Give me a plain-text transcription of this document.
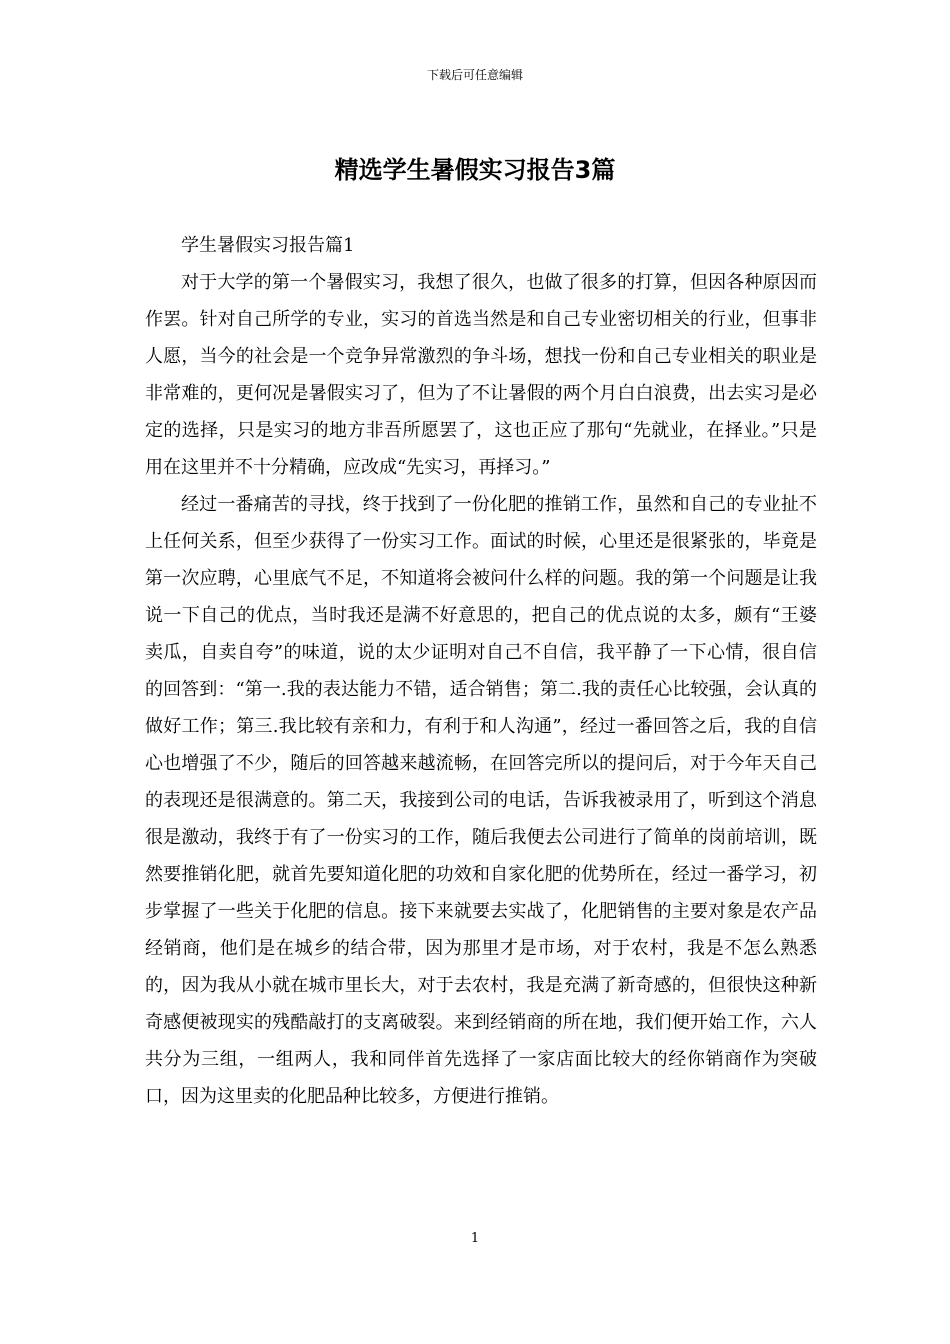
下载后可任意编辑
精选学生暑假实习报告3篇

学生暑假实习报告篇1

对于大学的第一个暑假实习，我想了很久，也做了很多的打算，但因各种原因而作罢。针对自己所学的专业，实习的首选当然是和自己专业密切相关的行业，但事非人愿，当今的社会是一个竞争异常激烈的争斗场，想找一份和自己专业相关的职业是非常难的，更何况是暑假实习了，但为了不让暑假的两个月白白浪费，出去实习是必定的选择，只是实习的地方非吾所愿罢了，这也正应了那句“先就业，在择业。”只是用在这里并不十分精确，应改成“先实习，再择习。”

经过一番痛苦的寻找，终于找到了一份化肥的推销工作，虽然和自己的专业扯不上任何关系，但至少获得了一份实习工作。面试的时候，心里还是很紧张的，毕竟是第一次应聘，心里底气不足，不知道将会被问什么样的问题。我的第一个问题是让我说一下自己的优点，当时我还是满不好意思的，把自己的优点说的太多，颇有“王婆卖瓜，自卖自夸”的味道，说的太少证明对自己不自信，我平静了一下心情，很自信的回答到：“第一.我的表达能力不错，适合销售；第二.我的责任心比较强，会认真的做好工作；第三.我比较有亲和力，有利于和人沟通”，经过一番回答之后，我的自信心也增强了不少，随后的回答越来越流畅，在回答完所以的提问后，对于今年天自己的表现还是很满意的。第二天，我接到公司的电话，告诉我被录用了，听到这个消息很是激动，我终于有了一份实习的工作，随后我便去公司进行了简单的岗前培训，既然要推销化肥，就首先要知道化肥的功效和自家化肥的优势所在，经过一番学习，初步掌握了一些关于化肥的信息。接下来就要去实战了，化肥销售的主要对象是农产品经销商，他们是在城乡的结合带，因为那里才是市场，对于农村，我是不怎么熟悉的，因为我从小就在城市里长大，对于去农村，我是充满了新奇感的，但很快这种新奇感便被现实的残酷敲打的支离破裂。来到经销商的所在地，我们便开始工作，六人共分为三组，一组两人，我和同伴首先选择了一家店面比较大的经你销商作为突破口，因为这里卖的化肥品种比较多，方便进行推销。

1
